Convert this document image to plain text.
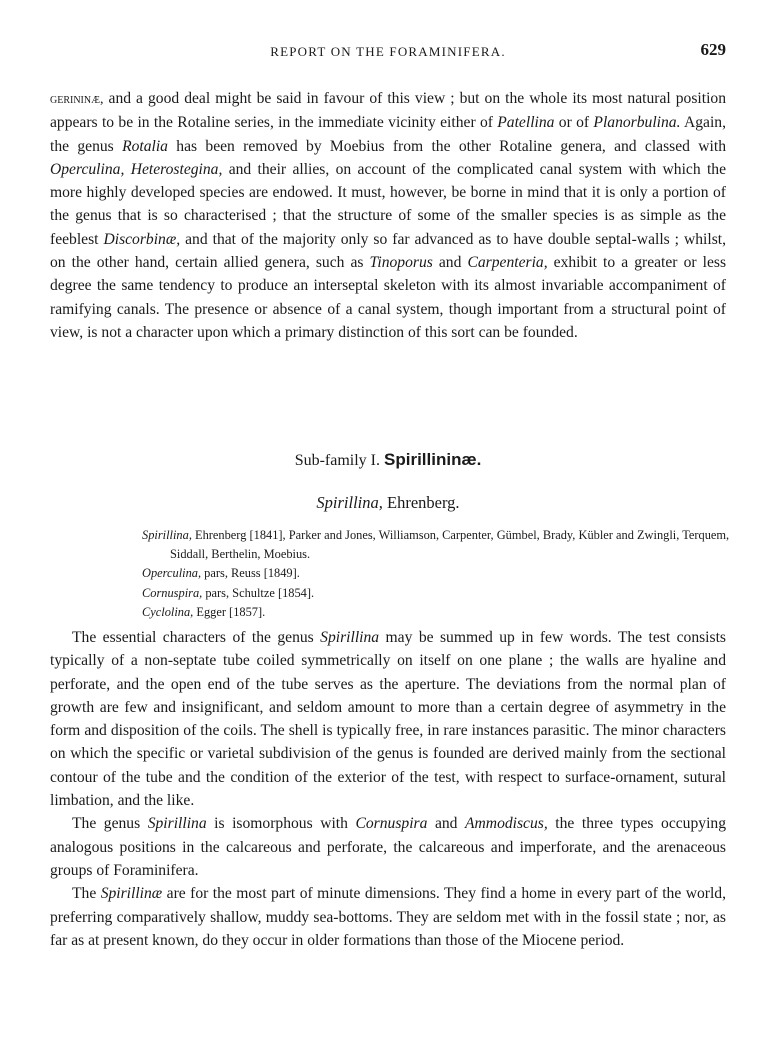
REPORT ON THE FORAMINIFERA.	629

gerininæ, and a good deal might be said in favour of this view ; but on the whole its most natural position appears to be in the Rotaline series, in the immediate vicinity either of Patellina or of Planorbulina. Again, the genus Rotalia has been removed by Moebius from the other Rotaline genera, and classed with Operculina, Heterostegina, and their allies, on account of the complicated canal system with which the more highly developed species are endowed. It must, however, be borne in mind that it is only a portion of the genus that is so characterised ; that the structure of some of the smaller species is as simple as the feeblest Discorbinæ, and that of the majority only so far advanced as to have double septal-walls ; whilst, on the other hand, certain allied genera, such as Tinoporus and Carpenteria, exhibit to a greater or less degree the same tendency to produce an interseptal skeleton with its almost invariable accompaniment of ramifying canals. The presence or absence of a canal system, though important from a structural point of view, is not a character upon which a primary distinction of this sort can be founded.

Sub-family I. Spirillininæ.
Spirillina, Ehrenberg.
Spirillina, Ehrenberg [1841], Parker and Jones, Williamson, Carpenter, Gümbel, Brady, Kübler and Zwingli, Terquem, Siddall, Berthelin, Moebius.
Operculina, pars, Reuss [1849].
Cornuspira, pars, Schultze [1854].
Cyclolina, Egger [1857].

The essential characters of the genus Spirillina may be summed up in few words. The test consists typically of a non-septate tube coiled symmetrically on itself on one plane ; the walls are hyaline and perforate, and the open end of the tube serves as the aperture. The deviations from the normal plan of growth are few and insignificant, and seldom amount to more than a certain degree of asymmetry in the form and disposition of the coils. The shell is typically free, in rare instances parasitic. The minor characters on which the specific or varietal subdivision of the genus is founded are derived mainly from the sectional contour of the tube and the condition of the exterior of the test, with respect to surface-ornament, sutural limbation, and the like.

The genus Spirillina is isomorphous with Cornuspira and Ammodiscus, the three types occupying analogous positions in the calcareous and perforate, the calcareous and imperforate, and the arenaceous groups of Foraminifera.

The Spirillinæ are for the most part of minute dimensions. They find a home in every part of the world, preferring comparatively shallow, muddy sea-bottoms. They are seldom met with in the fossil state ; nor, as far as at present known, do they occur in older formations than those of the Miocene period.
